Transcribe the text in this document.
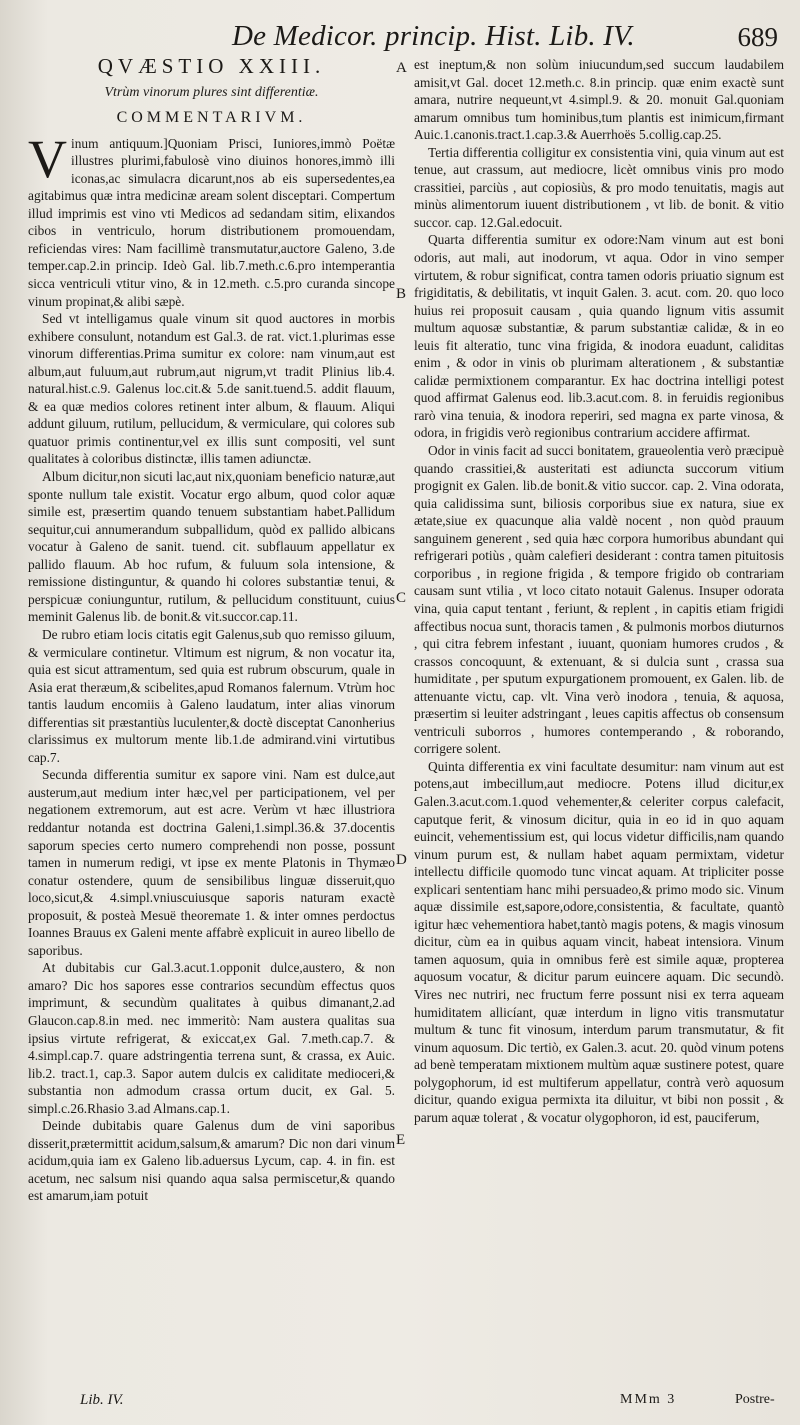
De Medicor. princip. Hist. Lib. IV.	689
QVÆSTIO XXIII.
Vtrùm vinorum plures sint differentiæ.
COMMENTARIVM.

Vinum antiquum.]Quoniam Prisci, Iuniores,immò Poëtæ illustres plurimi,fabulosè vino diuinos honores,immò illi iconas,ac simulacra dicarunt,nos ab eis supersedentes,ea agitabimus quæ intra medicinæ aream solent disceptari. Compertum illud imprimis est vino vti Medicos ad sedandam sitim, elixandos cibos in ventriculo, horum distributionem promouendam, reficiendas vires: Nam facillimè transmutatur,auctore Galeno, 3.de temper.cap.2.in princip. Ideò Gal. lib.7.meth.c.6.pro intemperantia sicca ventriculi vtitur vino, & in 12.meth. c.5.pro curanda sincope vinum propinat,& alibi sæpè.

Sed vt intelligamus quale vinum sit quod auctores in morbis exhibere consulunt, notandum est Gal.3. de rat. vict.1.plurimas esse vinorum differentias.Prima sumitur ex colore: nam vinum,aut est album,aut fuluum,aut rubrum,aut nigrum,vt tradit Plinius lib.4. natural.hist.c.9. Galenus loc.cit.& 5.de sanit.tuend.5. addit flauum, & ea quæ medios colores retinent inter album, & flauum. Aliqui addunt giluum, rutilum, pellucidum, & vermiculare, qui colores sub quatuor primis continentur,vel ex illis sunt compositi, vel sunt qualitates à coloribus distinctæ, illis tamen adiunctæ.

Album dicitur,non sicuti lac,aut nix,quoniam beneficio naturæ,aut sponte nullum tale existit. Vocatur ergo album, quod color aquæ simile est, præsertim quando tenuem substantiam habet.Pallidum sequitur,cui annumerandum subpallidum, quòd ex pallido albicans vocatur à Galeno de sanit. tuend. cit. subflauum appellatur ex pallido flauum. Ab hoc rufum, & fuluum sola intensione, & remissione distinguntur, & quando hi colores substantiæ tenui, & perspicuæ coniunguntur, rutilum, & pellucidum constituunt, cuius meminit Galenus lib. de bonit.& vit.succor.cap.11.

De rubro etiam locis citatis egit Galenus,sub quo remisso giluum, & vermiculare continetur. Vltimum est nigrum, & non vocatur ita, quia est sicut attramentum, sed quia est rubrum obscurum, quale in Asia erat theræum,& scibelites,apud Romanos falernum. Vtrùm hoc tantis laudum encomiis à Galeno laudatum, inter alias vinorum differentias sit præstantiùs luculenter,& doctè disceptat Canonherius clarissimus ex multorum mente lib.1.de admirand.vini virtutibus cap.7.

Secunda differentia sumitur ex sapore vini. Nam est dulce,aut austerum,aut medium inter hæc,vel per participationem, vel per negationem extremorum, aut est acre. Verùm vt hæc illustriora reddantur notanda est doctrina Galeni,1.simpl.36.& 37.docentis saporum species certo numero comprehendi non posse, possunt tamen in numerum redigi, vt ipse ex mente Platonis in Thymæo conatur ostendere, quum de sensibilibus linguæ disseruit,quo loco,sicut,& 4.simpl.vniuscuiusque saporis naturam exactè proposuit, & posteà Mesuë theoremate 1. & inter omnes perdoctus Ioannes Brauus ex Galeni mente affabrè explicuit in aureo libello de saporibus.

At dubitabis cur Gal.3.acut.1.opponit dulce,austero, & non amaro? Dic hos sapores esse contrarios secundùm effectus quos imprimunt, & secundùm qualitates à quibus dimanant,2.ad Glaucon.cap.8.in med. nec immeritò: Nam austera qualitas sua ipsius virtute refrigerat, & exiccat,ex Gal. 7.meth.cap.7. & 4.simpl.cap.7. quare adstringentia terrena sunt, & crassa, ex Auic. lib.2. tract.1, cap.3. Sapor autem dulcis ex caliditate medioceri,& substantia non admodum crassa ortum ducit, ex Gal. 5. simpl.c.26.Rhasio 3.ad Almans.cap.1.

Deinde dubitabis quare Galenus dum de vini saporibus disserit,prætermittit acidum,salsum,& amarum? Dic non dari vinum acidum,quia iam ex Galeno lib.aduersus Lycum, cap. 4. in fin. est acetum, nec salsum nisi quando aqua salsa permiscetur,& quando est amarum,iam potuit

A
B
C
D
E

est ineptum,& non solùm iniucundum,sed succum laudabilem amisit,vt Gal. docet 12.meth.c. 8.in princip. quæ enim exactè sunt amara, nutrire nequeunt,vt 4.simpl.9. & 20. monuit Gal.quoniam amarum omnibus tum hominibus,tum plantis est inimicum,firmant Auic.1.canonis.tract.1.cap.3.& Auerrhoës 5.collig.cap.25.

Tertia differentia colligitur ex consistentia vini, quia vinum aut est tenue, aut crassum, aut mediocre, licèt omnibus vinis pro modo crassitiei, parciùs , aut copiosiùs, & pro modo tenuitatis, magis aut minùs alimentorum iuuent distributionem , vt lib. de bonit. & vitio succor. cap. 12.Gal.edocuit.

Quarta differentia sumitur ex odore:Nam vinum aut est boni odoris, aut mali, aut inodorum, vt aqua. Odor in vino semper virtutem, & robur significat, contra tamen odoris priuatio signum est frigiditatis, & debilitatis, vt inquit Galen. 3. acut. com. 20. quo loco huius rei proposuit causam , quia quando lignum vitis assumit multum aquosæ substantiæ, & parum substantiæ calidæ, & in eo leuis fit alteratio, tunc vina frigida, & inodora euadunt, caliditas enim , & odor in vinis ob plurimam alterationem , & substantiæ calidæ permixtionem comparantur. Ex hac doctrina intelligi potest quod affirmat Galenus eod. lib.3.acut.com. 8. in feruidis regionibus rarò vina tenuia, & inodora reperiri, sed magna ex parte vinosa, & odora, in frigidis verò regionibus contrarium accidere affirmat.

Odor in vinis facit ad succi bonitatem, graueolentia verò præcipuè quando crassitiei,& austeritati est adiuncta succorum vitium progignit ex Galen. lib.de bonit.& vitio succor. cap. 2. Vina odorata, quia calidissima sunt, biliosis corporibus siue ex natura, siue ex ætate,siue ex quacunque alia valdè nocent , non quòd prauum sanguinem generent , sed quia hæc corpora humoribus abundant qui refrigerari potiùs , quàm calefieri desiderant : contra tamen pituitosis corporibus , in regione frigida , & tempore frigido ob contrariam causam sunt vtilia , vt loco citato notauit Galenus. Insuper odorata vina, quia caput tentant , feriunt, & replent , in capitis etiam frigidi affectibus nocua sunt, thoracis tamen , & pulmonis morbos diuturnos , qui citra febrem infestant , iuuant, quoniam humores crudos , & crassos concoquunt, & extenuant, & si dulcia sunt , crassa sua humiditate , per sputum expurgationem promouent, ex Galen. lib. de attenuante victu, cap. vlt. Vina verò inodora , tenuia, & aquosa, præsertim si leuiter adstringant , leues capitis affectus ob consensum ventriculi suborros , humores contemperando , & roborando, corrigere solent.

Quinta differentia ex vini facultate desumitur: nam vinum aut est potens,aut imbecillum,aut mediocre. Potens illud dicitur,ex Galen.3.acut.com.1.quod vehementer,& celeriter corpus calefacit, caputque ferit, & vinosum dicitur, quia in eo id in quo aquam euincit, vehementissium est, qui locus videtur difficilis,nam quando vinum purum est, & nullam habet aquam permixtam, videtur intellectu difficile quomodo tunc vincat aquam. At tripliciter posse explicari sententiam hanc mihi persuadeo,& primo modo sic. Vinum aquæ dissimile est,sapore,odore,consistentia, & facultate, quantò igitur hæc vehementiora habet,tantò magis potens, & magis vinosum dicitur, cùm ea in quibus aquam vincit, habeat intensiora. Vinum tamen aquosum, quia in omnibus ferè est simile aquæ, propterea aquosum vocatur, & dicitur parum euincere aquam. Dic secundò. Vires nec nutriri, nec fructum ferre possunt nisi ex terra aqueam humiditatem allicíant, quæ interdum in ligno vitis transmutatur multum & tunc fit vinosum, interdum parum transmutatur, & fit vinum aquosum. Dic tertiò, ex Galen.3. acut. 20. quòd vinum potens ad benè temperatam mixtionem multùm aquæ sustinere potest, quare polygophorum, id est multiferum appellatur, contrà verò aquosum dicitur, quando exigua permixta ita diluitur, vt bibi non possit , & parum aquæ tolerat , & vocatur olygophoron, id est, pauciferum,

Lib. IV.	MMm 3	Postre-
